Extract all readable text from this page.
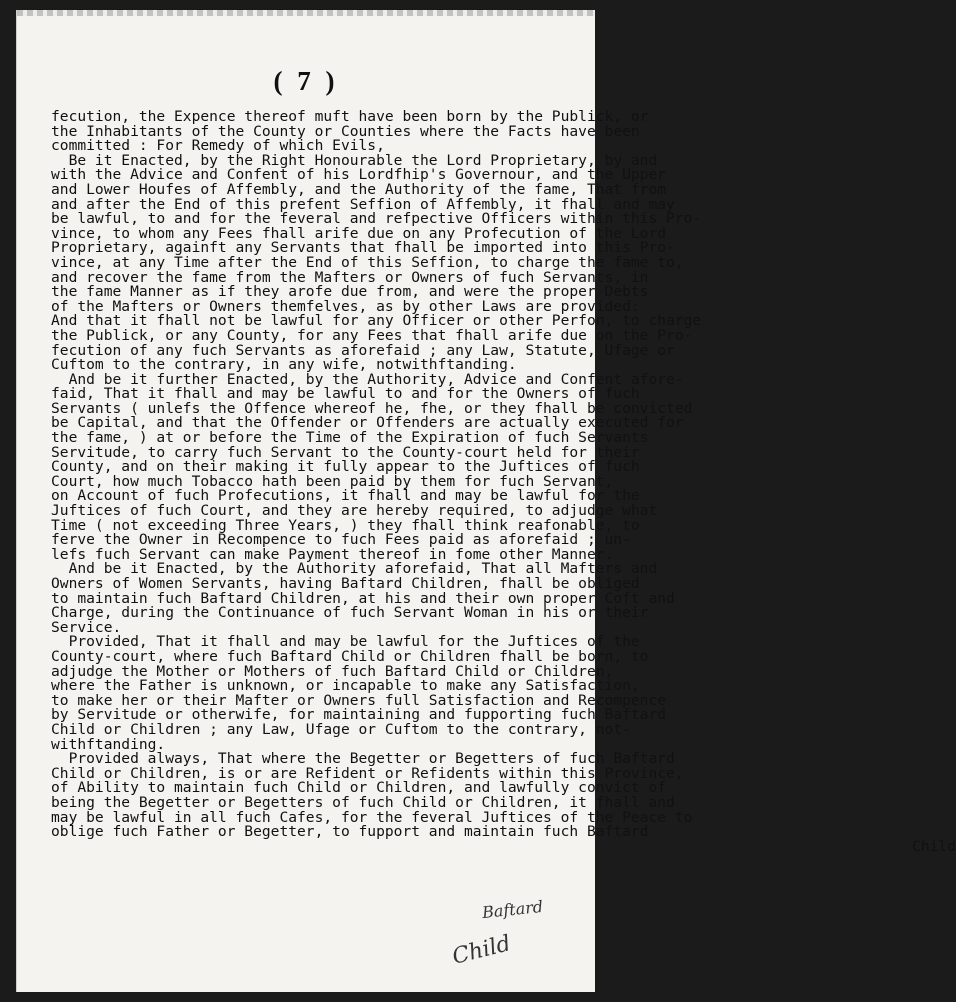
( 7 )
fecution, the Expence thereof muft have been born by the Publick, or
the Inhabitants of the County or Counties where the Facts have been
committed : For Remedy of which Evils,
Be it Enacted, by the Right Honourable the Lord Proprietary, by and
with the Advice and Confent of his Lordfhip's Governour, and the Upper
and Lower Houfes of Affembly, and the Authority of the fame, That from
and after the End of this prefent Seffion of Affembly, it fhall and may
be lawful, to and for the feveral and refpective Officers within this Pro-
vince, to whom any Fees fhall arife due on any Profecution of the Lord
Proprietary, againft any Servants that fhall be imported into this Pro-
vince, at any Time after the End of this Seffion, to charge the fame to,
and recover the fame from the Mafters or Owners of fuch Servants, in
the fame Manner as if they arofe due from, and were the proper Debts
of the Mafters or Owners themfelves, as by other Laws are provided:
And that it fhall not be lawful for any Officer or other Perfon, to charge
the Publick, or any County, for any Fees that fhall arife due on the Pro-
fecution of any fuch Servants as aforefaid ; any Law, Statute, Ufage or
Cuftom to the contrary, in any wife, notwithftanding.
And be it further Enacted, by the Authority, Advice and Confent afore-
faid, That it fhall and may be lawful to and for the Owners of fuch
Servants ( unlefs the Offence whereof he, fhe, or they fhall be convicted
be Capital, and that the Offender or Offenders are actually executed for
the fame, ) at or before the Time of the Expiration of fuch Servants
Servitude, to carry fuch Servant to the County-court held for their
County, and on their making it fully appear to the Juftices of fuch
Court, how much Tobacco hath been paid by them for fuch Servant,
on Account of fuch Profecutions, it fhall and may be lawful for the
Juftices of fuch Court, and they are hereby required, to adjudge what
Time ( not exceeding Three Years, ) they fhall think reafonable, to
ferve the Owner in Recompence to fuch Fees paid as aforefaid ; un-
lefs fuch Servant can make Payment thereof in fome other Manner.
And be it Enacted, by the Authority aforefaid, That all Mafters and
Owners of Women Servants, having Baftard Children, fhall be obliged
to maintain fuch Baftard Children, at his and their own proper Coft and
Charge, during the Continuance of fuch Servant Woman in his or their
Service.
Provided, That it fhall and may be lawful for the Juftices of the
County-court, where fuch Baftard Child or Children fhall be born, to
adjudge the Mother or Mothers of fuch Baftard Child or Children,
where the Father is unknown, or incapable to make any Satisfaction,
to make her or their Mafter or Owners full Satisfaction and Recompence
by Servitude or otherwife, for maintaining and fupporting fuch Baftard
Child or Children ; any Law, Ufage or Cuftom to the contrary, not-
withftanding.
Provided always, That where the Begetter or Begetters of fuch Baftard
Child or Children, is or are Refident or Refidents within this Province,
of Ability to maintain fuch Child or Children, and lawfully convict of
being the Begetter or Begetters of fuch Child or Children, it fhall and
may be lawful in all fuch Cafes, for the feveral Juftices of the Peace to
oblige fuch Father or Begetter, to fupport and maintain fuch Baftard
Child
Baftard
Child
